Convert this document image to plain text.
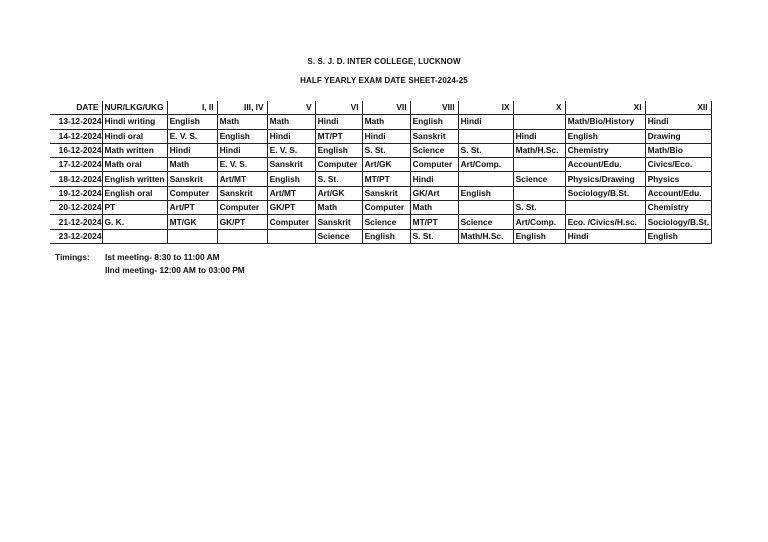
S. S. J. D. INTER COLLEGE, LUCKNOW
HALF YEARLY EXAM DATE SHEET-2024-25
DATE	NUR/LKG/UKG	I, II	III, IV	V	VI	VII	VIII	IX	X	XI	XII
13-12-2024	Hindi writing	English	Math	Math	Hindi	Math	English	Hindi		Math/Bio/History	Hindi
14-12-2024	Hindi oral	E. V. S.	English	Hindi	MT/PT	Hindi	Sanskrit		Hindi	English	Drawing
16-12-2024	Math written	Hindi	Hindi	E. V. S.	English	S. St.	Science	S. St.	Math/H.Sc.	Chemistry	Math/Bio
17-12-2024	Math oral	Math	E. V. S.	Sanskrit	Computer	Art/GK	Computer	Art/Comp.		Account/Edu.	Civics/Eco.
18-12-2024	English written	Sanskrit	Art/MT	English	S. St.	MT/PT	Hindi		Science	Physics/Drawing	Physics
19-12-2024	English oral	Computer	Sanskrit	Art/MT	Art/GK	Sanskrit	GK/Art	English		Sociology/B.St.	Account/Edu.
20-12-2024	PT	Art/PT	Computer	GK/PT	Math	Computer	Math		S. St.		Chemistry
21-12-2024	G. K.	MT/GK	GK/PT	Computer	Sanskrit	Science	MT/PT	Science	Art/Comp.	Eco. /Civics/H.sc.	Sociology/B.St.
23-12-2024					Science	English	S. St.	Math/H.Sc.	English	Hindi	English
Timings: Ist meeting- 8:30 to 11:00 AM
IInd meeting- 12:00 AM to 03:00 PM
